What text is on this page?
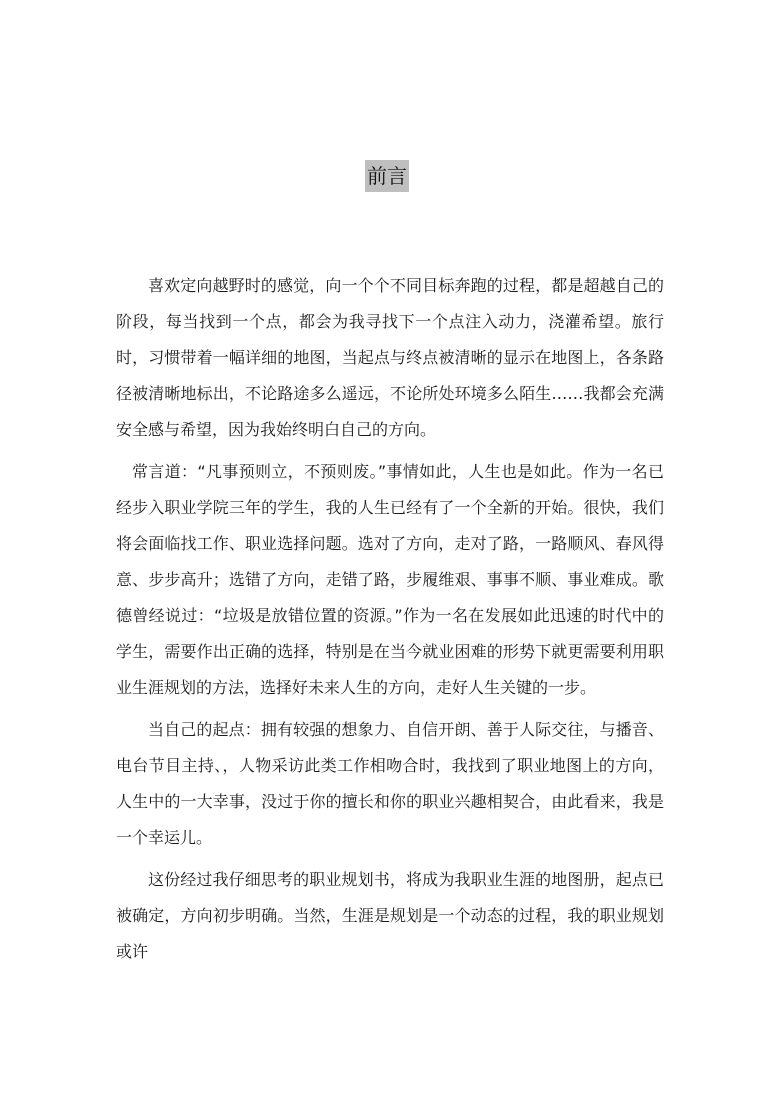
前言

喜欢定向越野时的感觉，向一个个不同目标奔跑的过程，都是超越自己的阶段，每当找到一个点，都会为我寻找下一个点注入动力，浇灌希望。旅行时，习惯带着一幅详细的地图，当起点与终点被清晰的显示在地图上，各条路径被清晰地标出，不论路途多么遥远，不论所处环境多么陌生……我都会充满安全感与希望，因为我始终明白自己的方向。

常言道：“凡事预则立，不预则废。”事情如此，人生也是如此。作为一名已经步入职业学院三年的学生，我的人生已经有了一个全新的开始。很快，我们将会面临找工作、职业选择问题。选对了方向，走对了路，一路顺风、春风得意、步步高升；选错了方向，走错了路，步履维艰、事事不顺、事业难成。歌德曾经说过：“垃圾是放错位置的资源。”作为一名在发展如此迅速的时代中的学生，需要作出正确的选择，特别是在当今就业困难的形势下就更需要利用职业生涯规划的方法，选择好未来人生的方向，走好人生关键的一步。

当自己的起点：拥有较强的想象力、自信开朗、善于人际交往，与播音、电台节目主持、，人物采访此类工作相吻合时，我找到了职业地图上的方向，人生中的一大幸事，没过于你的擅长和你的职业兴趣相契合，由此看来，我是一个幸运儿。

这份经过我仔细思考的职业规划书，将成为我职业生涯的地图册，起点已被确定，方向初步明确。当然，生涯是规划是一个动态的过程，我的职业规划或许
